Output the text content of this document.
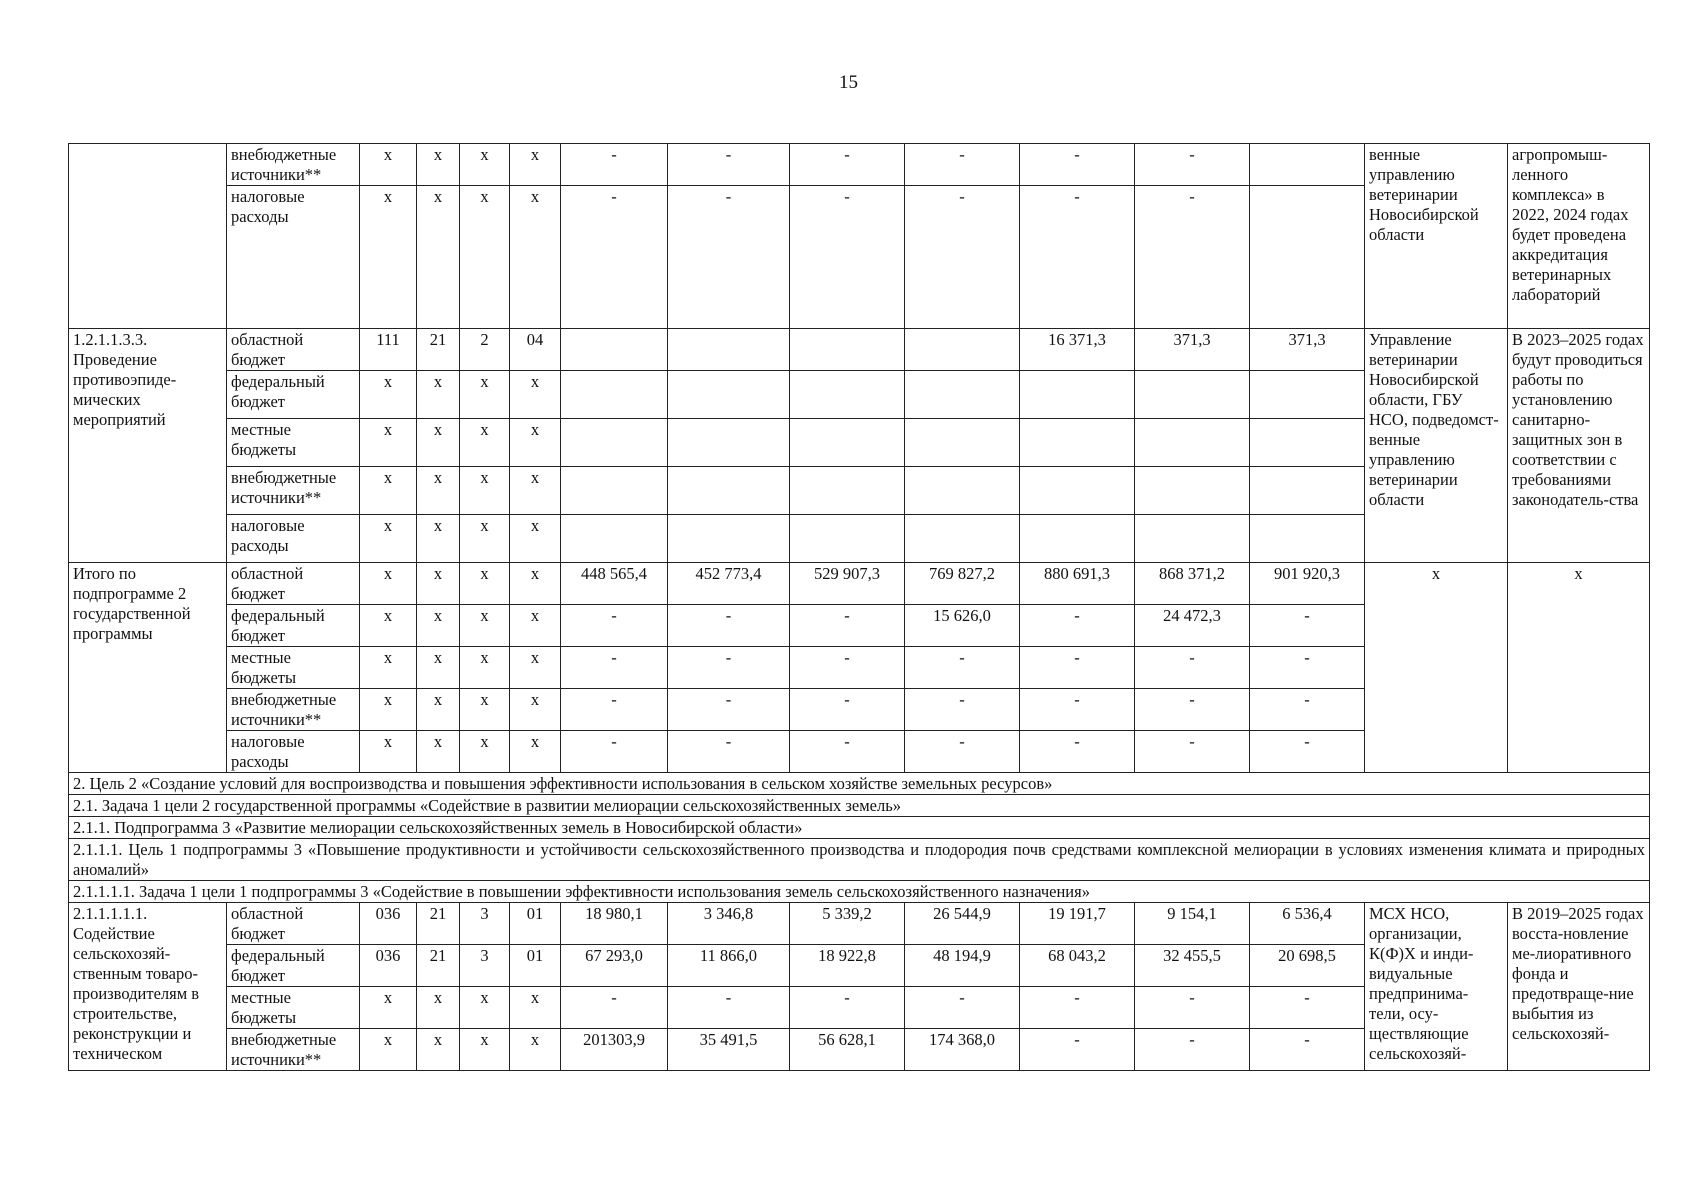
15
	внебюджетные источники**	х	х	х	х	-	-	-	-	-	-		венные управлению ветеринарии Новосибирской области	агропромыш-ленного комплекса» в 2022, 2024 годах будет проведена аккредитация ветеринарных лабораторий
	налоговые расходы	х	х	х	х	-	-	-	-	-	-			
1.2.1.1.3.3. Проведение противоэпиде-мических мероприятий	областной бюджет	111	21	2	04					16 371,3	371,3	371,3	Управление ветеринарии Новосибирской области, ГБУ НСО, подведомст-венные управлению ветеринарии области	В 2023–2025 годах будут проводиться работы по установлению санитарно-защитных зон в соответствии с требованиями законодатель-ства
	федеральный бюджет	х	х	х	х									
	местные бюджеты	х	х	х	х									
	внебюджетные источники**	х	х	х	х									
	налоговые расходы	х	х	х	х									
Итого по подпрограмме 2 государственной программы	областной бюджет	х	х	х	х	448 565,4	452 773,4	529 907,3	769 827,2	880 691,3	868 371,2	901 920,3	х	х
	федеральный бюджет	х	х	х	х	-	-	-	15 626,0	-	24 472,3	-		
	местные бюджеты	х	х	х	х	-	-	-	-	-	-	-		
	внебюджетные источники**	х	х	х	х	-	-	-	-	-	-	-		
	налоговые расходы	х	х	х	х	-	-	-	-	-	-	-		
2. Цель 2 «Создание условий для воспроизводства и повышения эффективности использования в сельском хозяйстве земельных ресурсов»														
2.1. Задача 1 цели 2 государственной программы «Содействие в развитии мелиорации сельскохозяйственных земель»														
2.1.1. Подпрограмма 3 «Развитие мелиорации сельскохозяйственных земель в Новосибирской области»														
2.1.1.1. Цель 1 подпрограммы 3 «Повышение продуктивности и устойчивости сельскохозяйственного производства и плодородия почв средствами комплексной мелиорации в условиях изменения климата и природных аномалий»														
2.1.1.1.1. Задача 1 цели 1 подпрограммы 3 «Содействие в повышении эффективности использования земель сельскохозяйственного назначения»														
2.1.1.1.1.1. Содействие сельскохозяй-ственным товаро-производителям в строительстве, реконструкции и техническом	областной бюджет	036	21	3	01	18 980,1	3 346,8	5 339,2	26 544,9	19 191,7	9 154,1	6 536,4	МСХ НСО, организации, К(Ф)Х и инди-видуальные предпринима-тели, осу-ществляющие сельскохозяй-	В 2019–2025 годах восста-новление ме-лиоративного фонда и предотвраще-ние выбытия из сельскохозяй-
	федеральный бюджет	036	21	3	01	67 293,0	11 866,0	18 922,8	48 194,9	68 043,2	32 455,5	20 698,5		
	местные бюджеты	х	х	х	х	-	-	-	-	-	-	-		
	внебюджетные источники**	х	х	х	х	201303,9	35 491,5	56 628,1	174 368,0	-	-	-		
